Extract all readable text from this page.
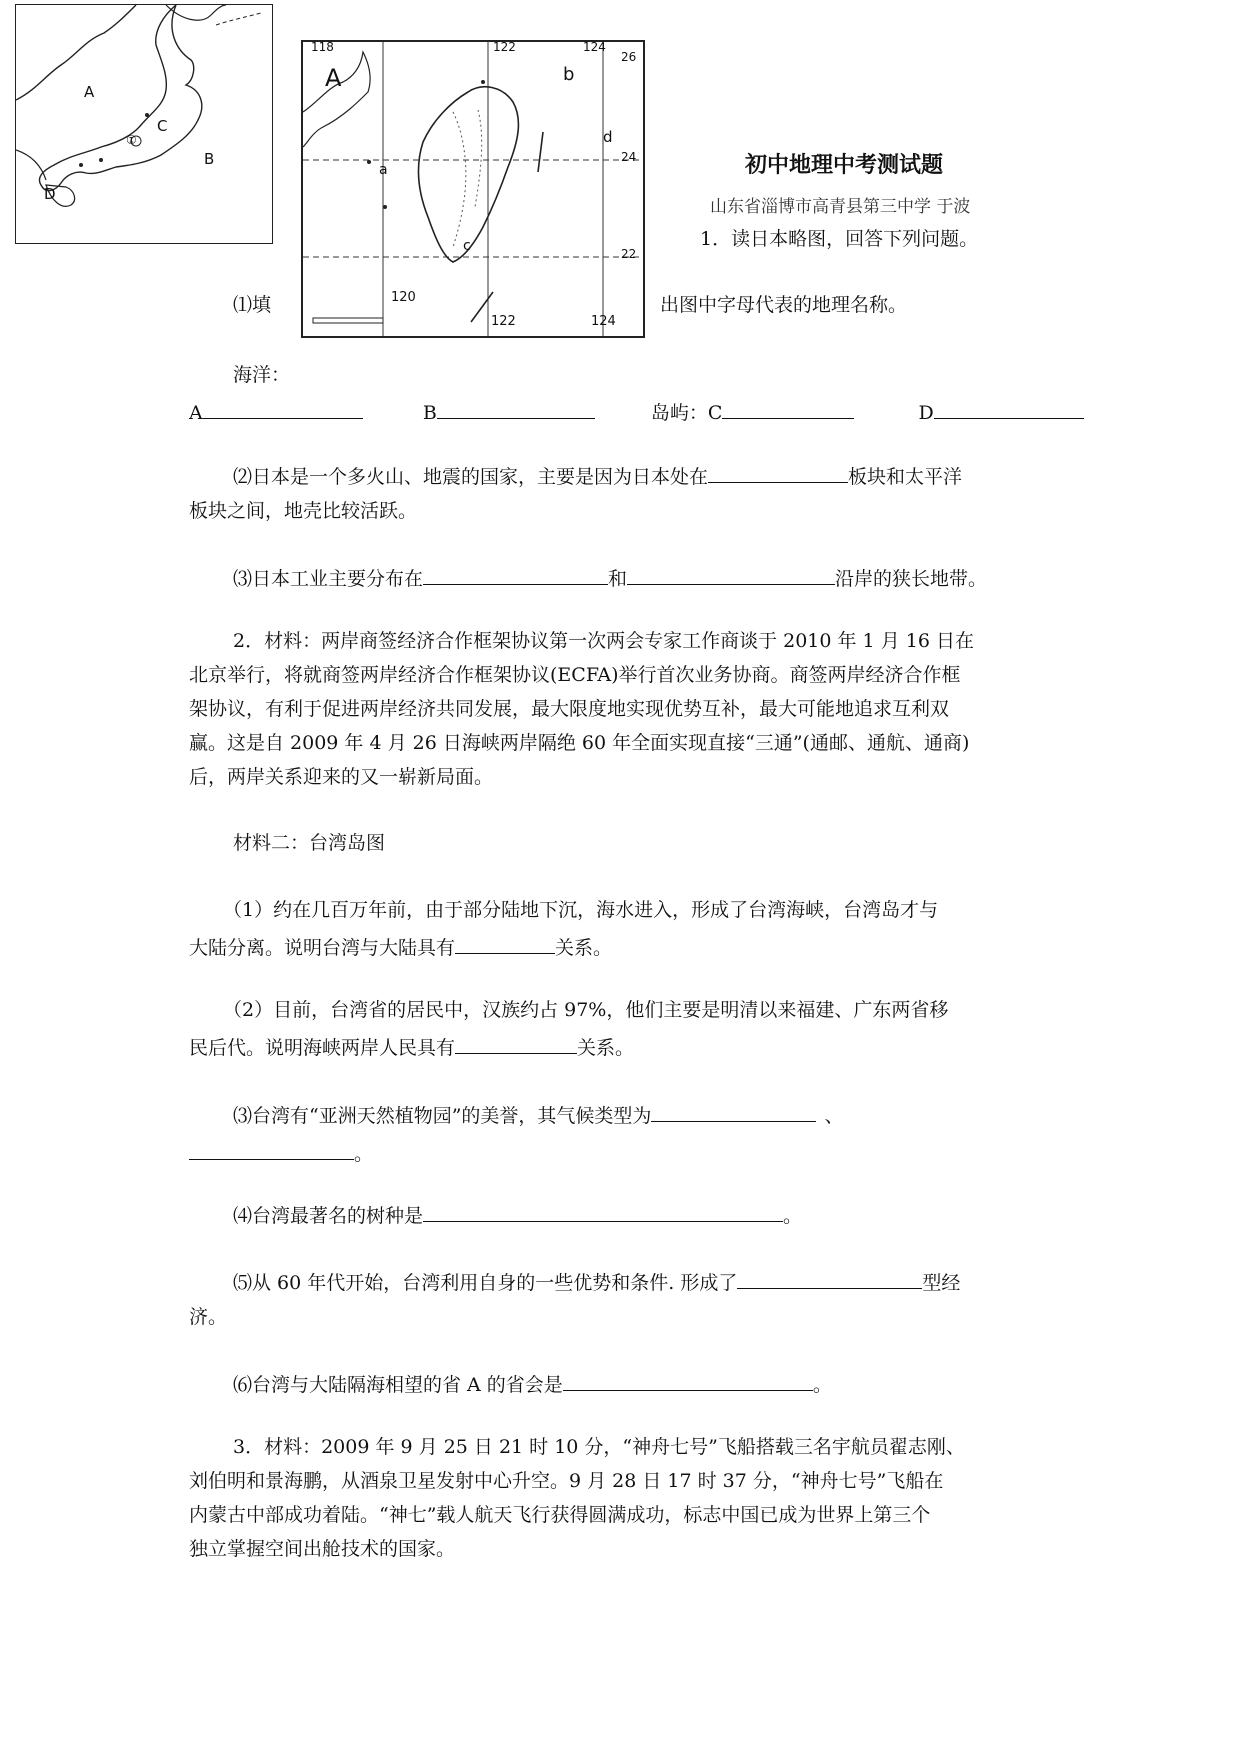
A
B
C
D
①
118	122	124
26
24
22
120
122	124
A	b
d
a
c
初中地理中考测试题
山东省淄博市高青县第三中学 于波
1．读日本略图，回答下列问题。
⑴填	出图中字母代表的地理名称。
海洋：
A	B	岛屿：C	D
⑵日本是一个多火山、地震的国家，主要是因为日本处在	板块和太平洋
板块之间，地壳比较活跃。
⑶日本工业主要分布在	和	沿岸的狭长地带。
2．材料：两岸商签经济合作框架协议第一次两会专家工作商谈于 2010 年 1 月 16 日在
北京举行，将就商签两岸经济合作框架协议(ECFA)举行首次业务协商。商签两岸经济合作框
架协议，有利于促进两岸经济共同发展，最大限度地实现优势互补，最大可能地追求互利双
赢。这是自 2009 年 4 月 26 日海峡两岸隔绝 60 年全面实现直接“三通”(通邮、通航、通商)
后，两岸关系迎来的又一崭新局面。
材料二：台湾岛图
（1）约在几百万年前，由于部分陆地下沉，海水进入，形成了台湾海峡，台湾岛才与
大陆分离。说明台湾与大陆具有	关系。
（2）目前，台湾省的居民中，汉族约占 97%，他们主要是明清以来福建、广东两省移
民后代。说明海峡两岸人民具有	关系。
⑶台湾有“亚洲天然植物园”的美誉，其气候类型为	、
。
⑷台湾最著名的树种是	。
⑸从 60 年代开始，台湾利用自身的一些优势和条件. 形成了	型经
济。
⑹台湾与大陆隔海相望的省 A 的省会是	。
3．材料：2009 年 9 月 25 日 21 时 10 分，“神舟七号”飞船搭载三名宇航员翟志刚、
刘伯明和景海鹏，从酒泉卫星发射中心升空。9 月 28 日 17 时 37 分，“神舟七号”飞船在
内蒙古中部成功着陆。“神七”载人航天飞行获得圆满成功，标志中国已成为世界上第三个
独立掌握空间出舱技术的国家。
